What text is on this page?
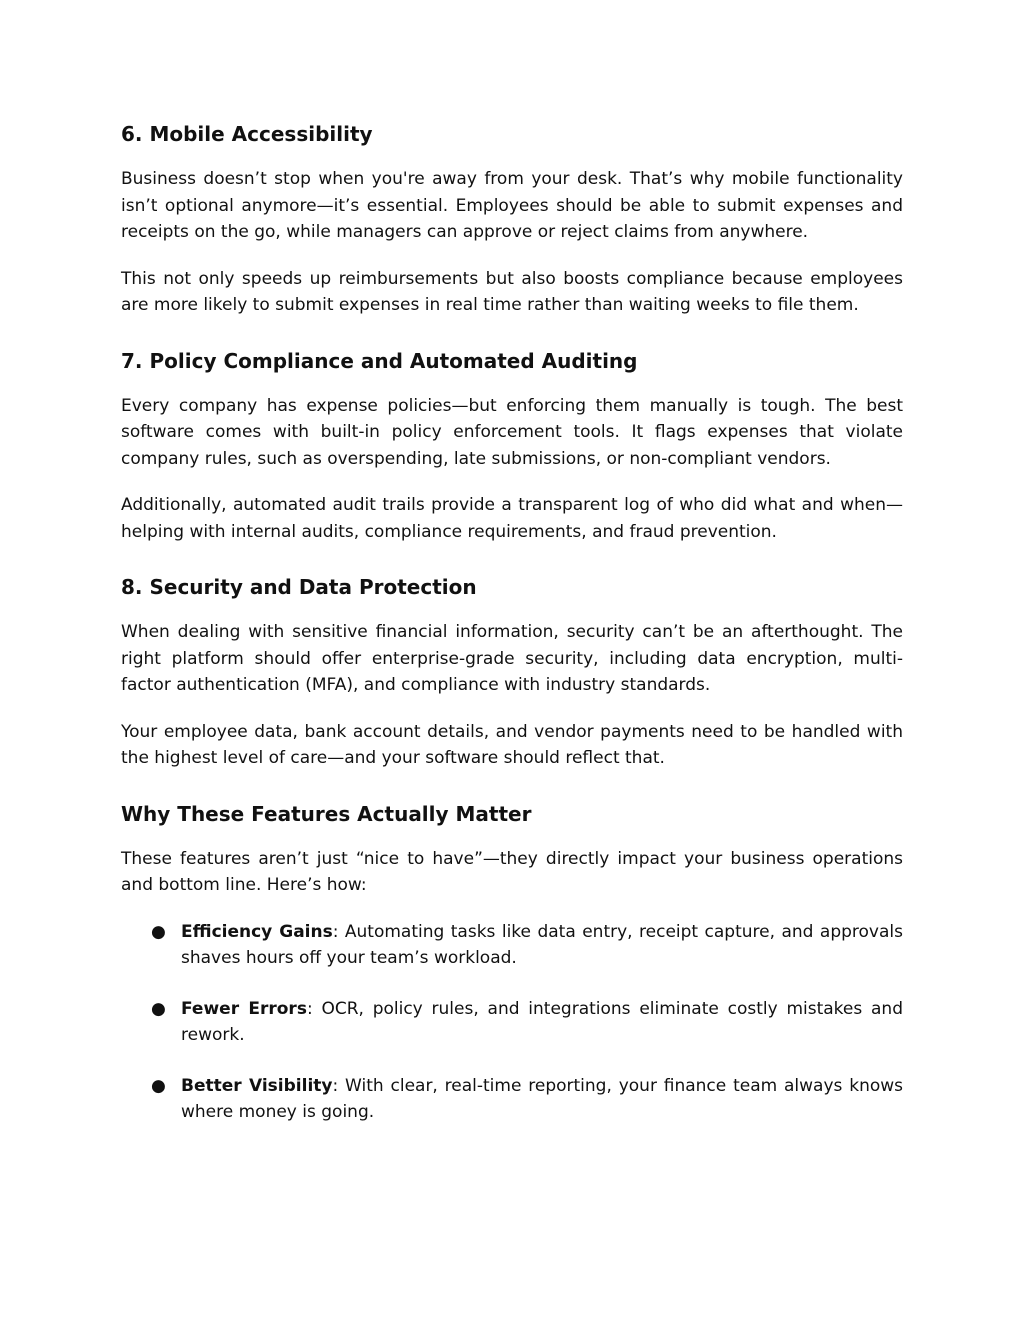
6. Mobile Accessibility

Business doesn’t stop when you're away from your desk. That’s why mobile functionality isn’t optional anymore—it’s essential. Employees should be able to submit expenses and receipts on the go, while managers can approve or reject claims from anywhere.

This not only speeds up reimbursements but also boosts compliance because employees are more likely to submit expenses in real time rather than waiting weeks to file them.

7. Policy Compliance and Automated Auditing

Every company has expense policies—but enforcing them manually is tough. The best software comes with built-in policy enforcement tools. It flags expenses that violate company rules, such as overspending, late submissions, or non-compliant vendors.

Additionally, automated audit trails provide a transparent log of who did what and when—helping with internal audits, compliance requirements, and fraud prevention.

8. Security and Data Protection

When dealing with sensitive financial information, security can’t be an afterthought. The right platform should offer enterprise-grade security, including data encryption, multi-factor authentication (MFA), and compliance with industry standards.

Your employee data, bank account details, and vendor payments need to be handled with the highest level of care—and your software should reflect that.

Why These Features Actually Matter

These features aren’t just “nice to have”—they directly impact your business operations and bottom line. Here’s how:

● Efficiency Gains: Automating tasks like data entry, receipt capture, and approvals shaves hours off your team’s workload.
● Fewer Errors: OCR, policy rules, and integrations eliminate costly mistakes and rework.
● Better Visibility: With clear, real-time reporting, your finance team always knows where money is going.
